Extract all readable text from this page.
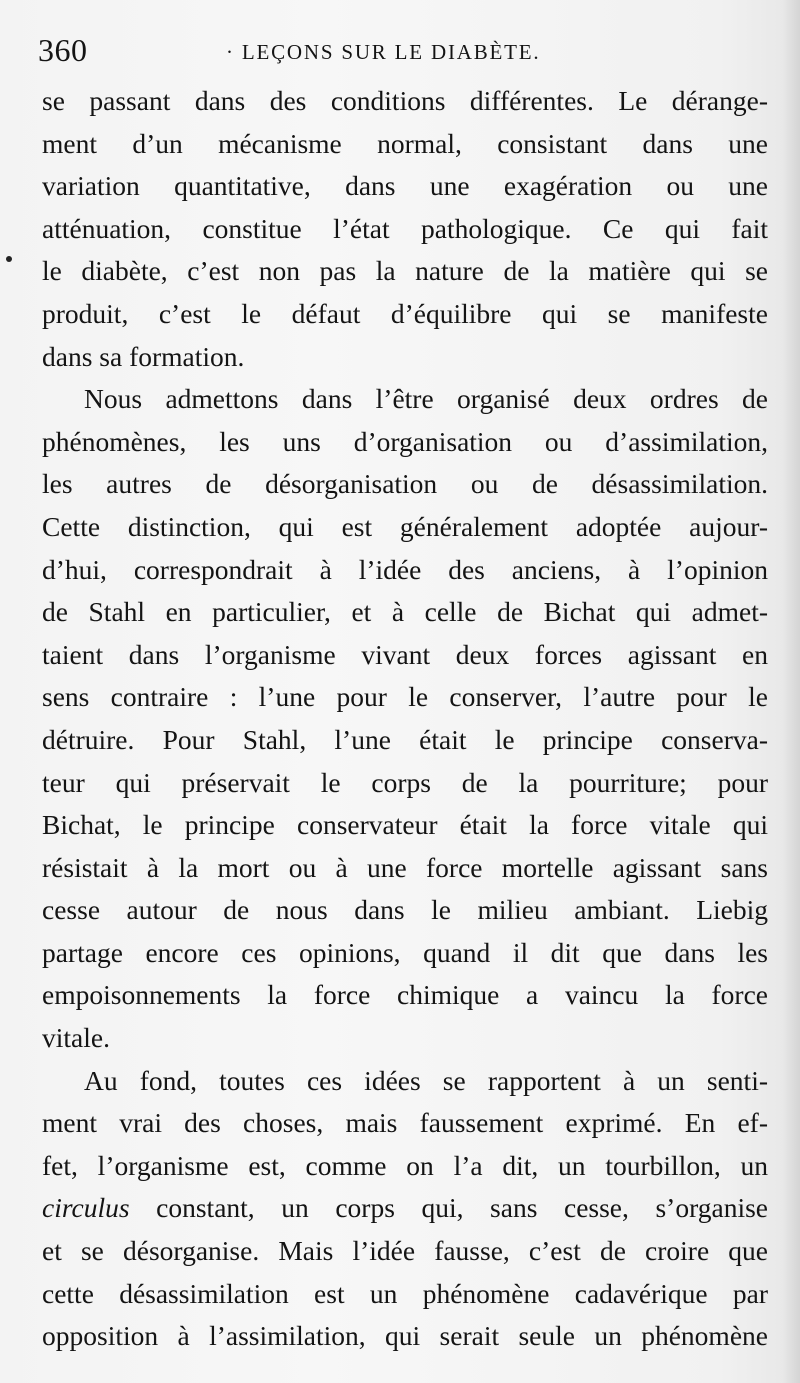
360	· LEÇONS SUR LE DIABÈTE.
se passant dans des conditions différentes. Le dérange-
ment d’un mécanisme normal, consistant dans une
variation quantitative, dans une exagération ou une
atténuation, constitue l’état pathologique. Ce qui fait
le diabète, c’est non pas la nature de la matière qui se
produit, c’est le défaut d’équilibre qui se manifeste
dans sa formation.
Nous admettons dans l’être organisé deux ordres de
phénomènes, les uns d’organisation ou d’assimilation,
les autres de désorganisation ou de désassimilation.
Cette distinction, qui est généralement adoptée aujour-
d’hui, correspondrait à l’idée des anciens, à l’opinion
de Stahl en particulier, et à celle de Bichat qui admet-
taient dans l’organisme vivant deux forces agissant en
sens contraire : l’une pour le conserver, l’autre pour le
détruire. Pour Stahl, l’une était le principe conserva-
teur qui préservait le corps de la pourriture; pour
Bichat, le principe conservateur était la force vitale qui
résistait à la mort ou à une force mortelle agissant sans
cesse autour de nous dans le milieu ambiant. Liebig
partage encore ces opinions, quand il dit que dans les
empoisonnements la force chimique a vaincu la force
vitale.
Au fond, toutes ces idées se rapportent à un senti-
ment vrai des choses, mais faussement exprimé. En ef-
fet, l’organisme est, comme on l’a dit, un tourbillon, un
circulus constant, un corps qui, sans cesse, s’organise
et se désorganise. Mais l’idée fausse, c’est de croire que
cette désassimilation est un phénomène cadavérique par
opposition à l’assimilation, qui serait seule un phénomène
